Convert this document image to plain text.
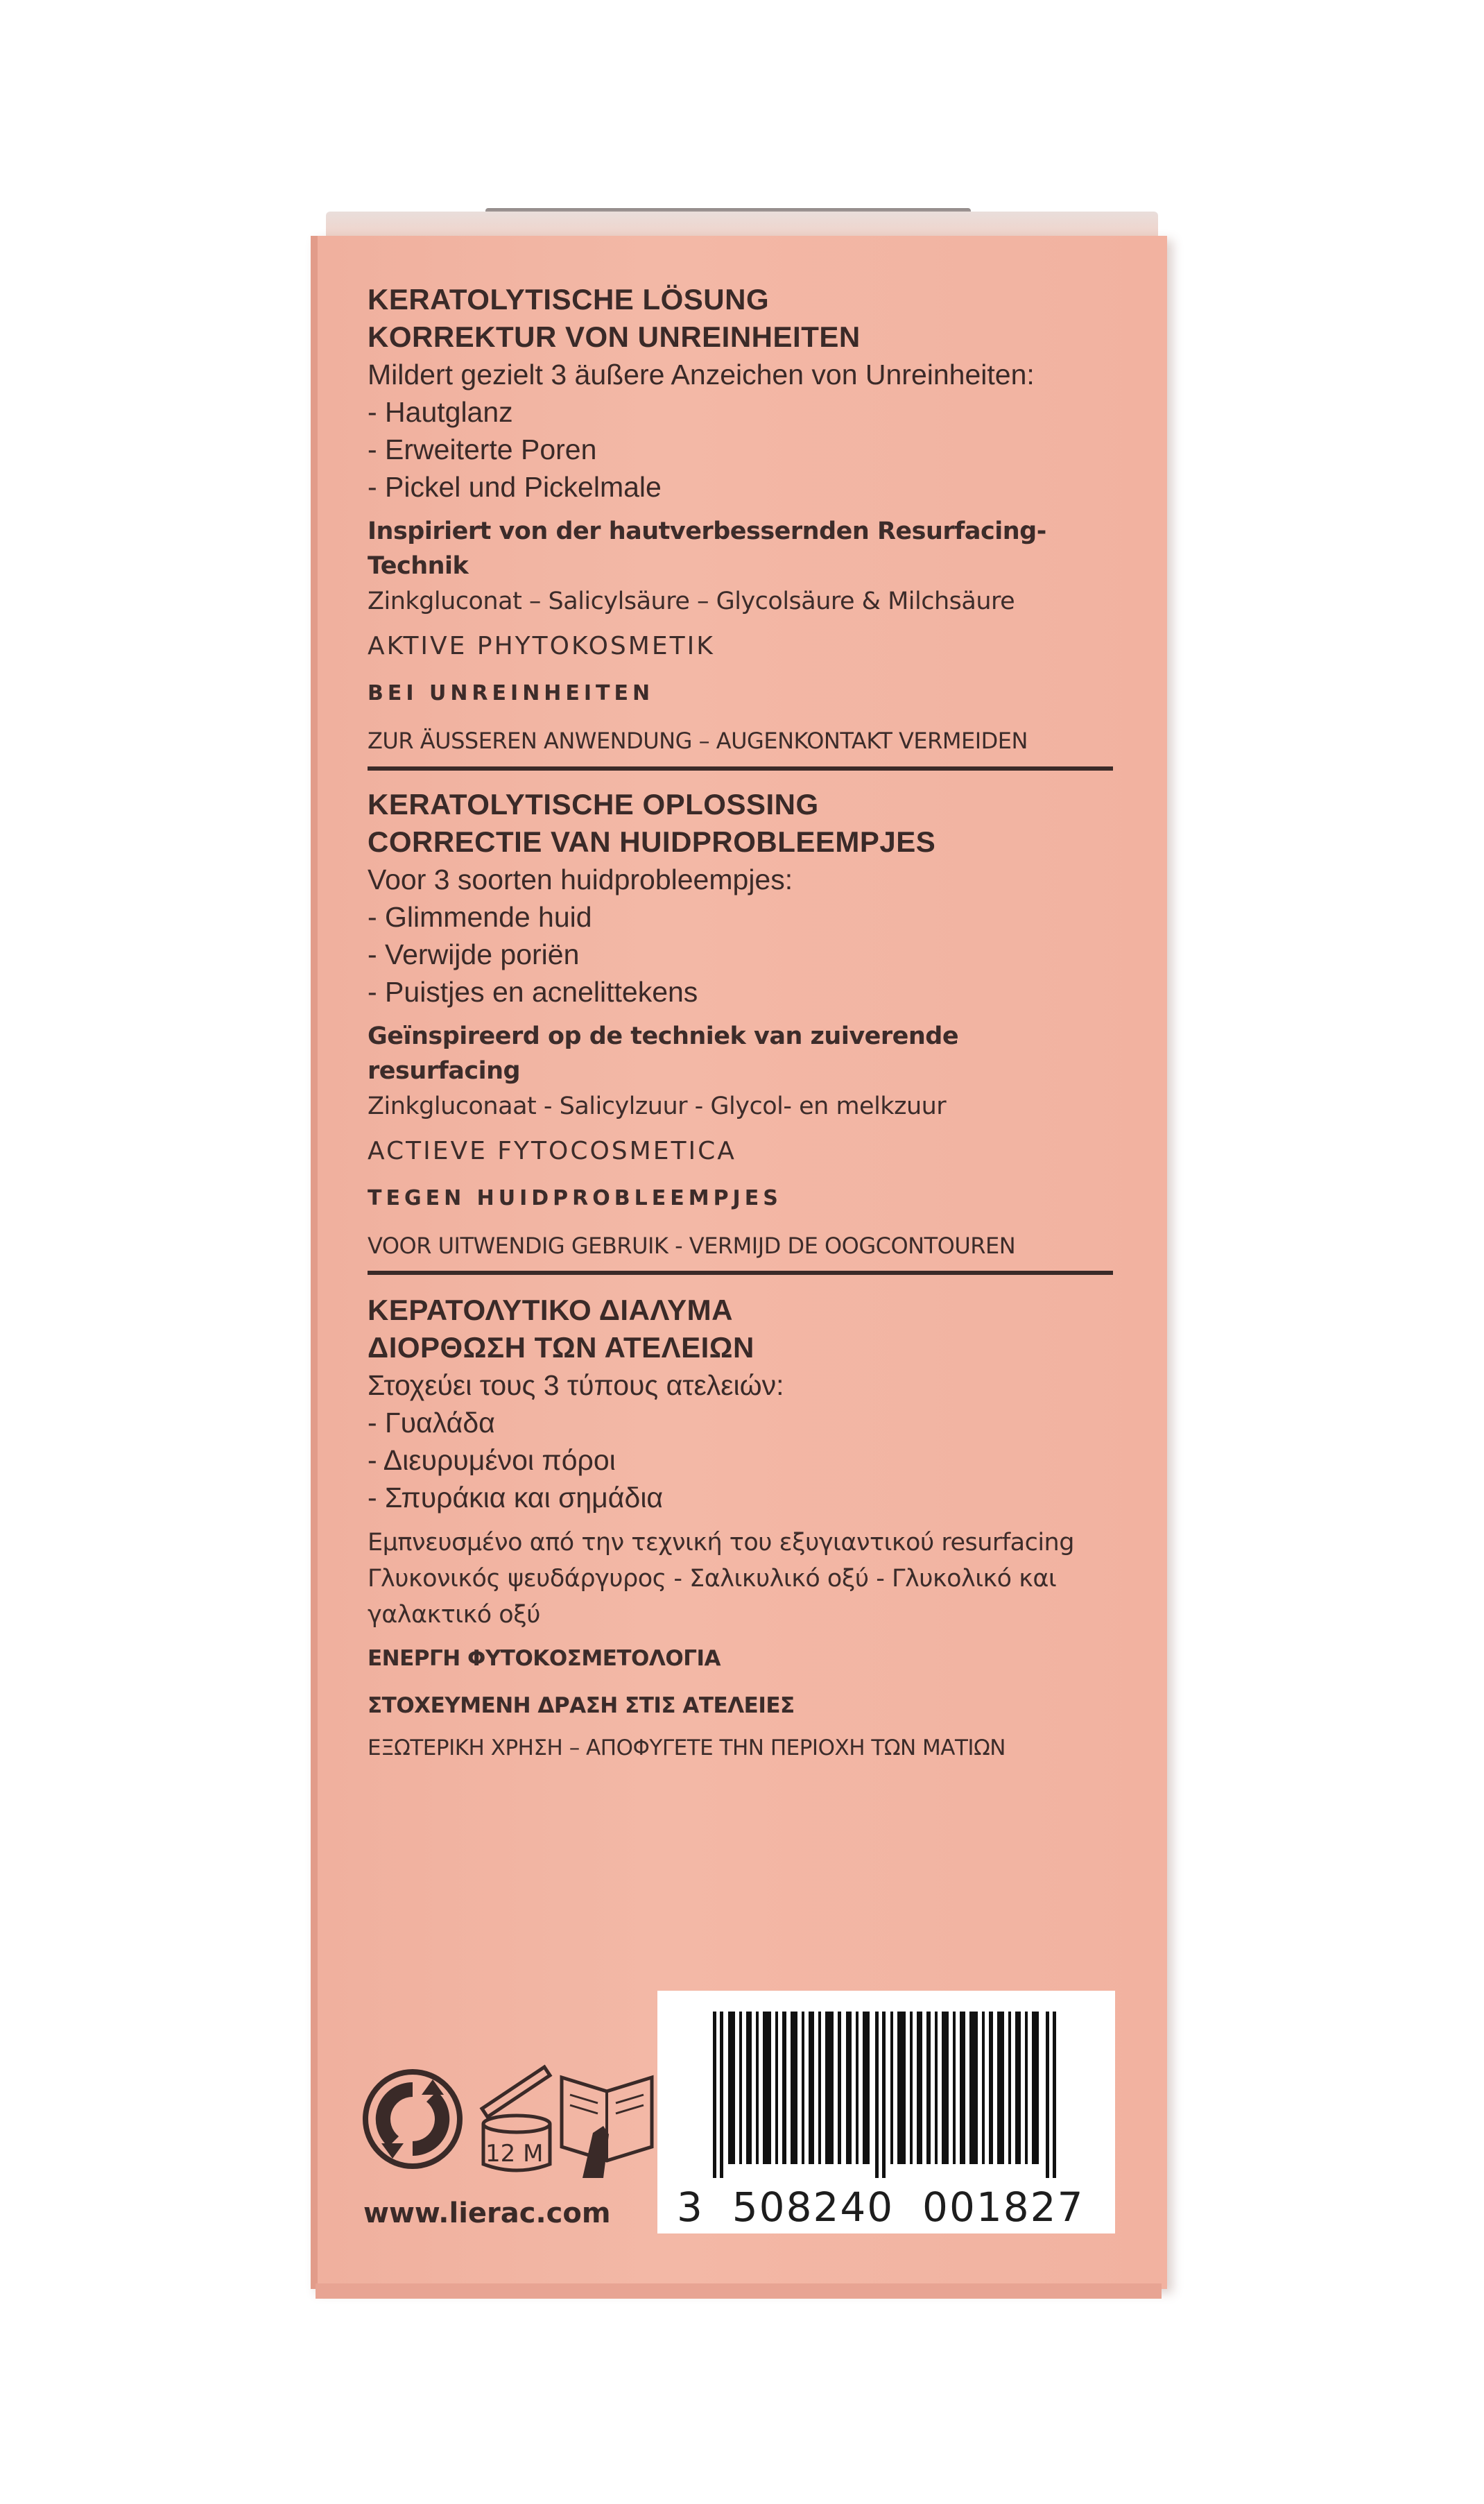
KERATOLYTISCHE LÖSUNG

KORREKTUR VON UNREINHEITEN

Mildert gezielt 3 äußere Anzeichen von Unreinheiten:

- Hautglanz

- Erweiterte Poren

- Pickel und Pickelmale

Inspiriert von der hautverbessernden Resurfacing-Technik

Zinkgluconat – Salicylsäure – Glycolsäure & Milchsäure

AKTIVE PHYTOKOSMETIK

BEI UNREINHEITEN

ZUR ÄUSSEREN ANWENDUNG – AUGENKONTAKT VERMEIDEN

KERATOLYTISCHE OPLOSSING

CORRECTIE VAN HUIDPROBLEEMPJES

Voor 3 soorten huidprobleempjes:

- Glimmende huid

- Verwijde poriën

- Puistjes en acnelittekens

Geïnspireerd op de techniek van zuiverende resurfacing

Zinkgluconaat - Salicylzuur - Glycol- en melkzuur

ACTIEVE FYTOCOSMETICA

TEGEN HUIDPROBLEEMPJES

VOOR UITWENDIG GEBRUIK - VERMIJD DE OOGCONTOUREN

ΚΕΡΑΤΟΛΥΤΙΚΟ ΔΙΑΛΥΜΑ

ΔΙΟΡΘΩΣΗ ΤΩΝ ΑΤΕΛΕΙΩΝ

Στοχεύει τους 3 τύπους ατελειών:

- Γυαλάδα

- Διευρυμένοι πόροι

- Σπυράκια και σημάδια

Εμπνευσμένο από την τεχνική του εξυγιαντικού resurfacing

Γλυκονικός ψευδάργυρος - Σαλικυλικό οξύ - Γλυκολικό και

γαλακτικό οξύ

ΕΝΕΡΓΗ ΦΥΤΟΚΟΣΜΕΤΟΛΟΓΙΑ

ΣΤΟΧΕΥΜΕΝΗ ΔΡΑΣΗ ΣΤΙΣ ΑΤΕΛΕΙΕΣ

ΕΞΩΤΕΡΙΚΗ ΧΡΗΣΗ – ΑΠΟΦΥΓΕΤΕ ΤΗΝ ΠΕΡΙΟΧΗ ΤΩΝ ΜΑΤΙΩΝ

12 M
3  508240  001827
www.lierac.com
